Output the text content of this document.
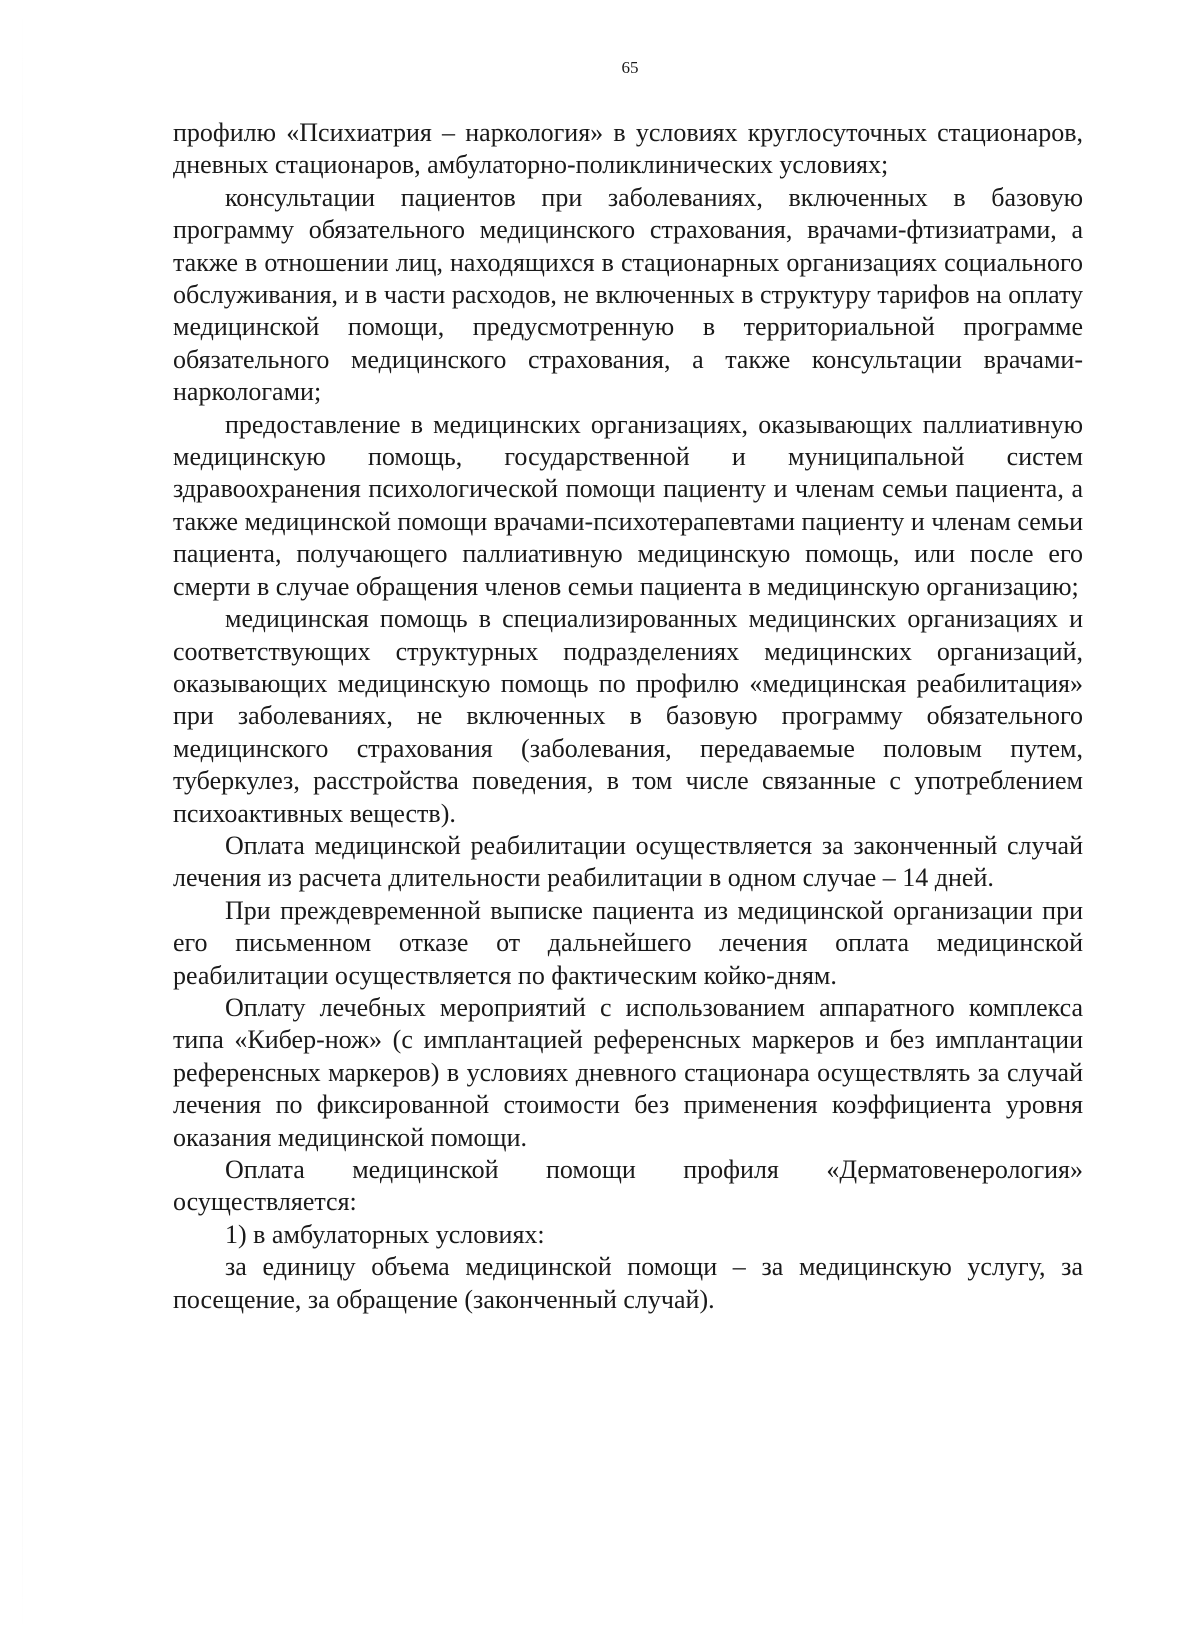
65

профилю «Психиатрия – наркология» в условиях круглосуточных стационаров, дневных стационаров, амбулаторно-поликлинических условиях;

консультации пациентов при заболеваниях, включенных в базовую программу обязательного медицинского страхования, врачами-фтизиатрами, а также в отношении лиц, находящихся в стационарных организациях социального обслуживания, и в части расходов, не включенных в структуру тарифов на оплату медицинской помощи, предусмотренную в территориальной программе обязательного медицинского страхования, а также консультации врачами-наркологами;

предоставление в медицинских организациях, оказывающих паллиативную медицинскую помощь, государственной и муниципальной систем здравоохранения психологической помощи пациенту и членам семьи пациента, а также медицинской помощи врачами-психотерапевтами пациенту и членам семьи пациента, получающего паллиативную медицинскую помощь, или после его смерти в случае обращения членов семьи пациента в медицинскую организацию;

медицинская помощь в специализированных медицинских организациях и соответствующих структурных подразделениях медицинских организаций, оказывающих медицинскую помощь по профилю «медицинская реабилитация» при заболеваниях, не включенных в базовую программу обязательного медицинского страхования (заболевания, передаваемые половым путем, туберкулез, расстройства поведения, в том числе связанные с употреблением психоактивных веществ).

Оплата медицинской реабилитации осуществляется за законченный случай лечения из расчета длительности реабилитации в одном случае – 14 дней.

При преждевременной выписке пациента из медицинской организации при его письменном отказе от дальнейшего лечения оплата медицинской реабилитации осуществляется по фактическим койко-дням.

Оплату лечебных мероприятий с использованием аппаратного комплекса типа «Кибер-нож» (с имплантацией референсных маркеров и без имплантации референсных маркеров) в условиях дневного стационара осуществлять за случай лечения по фиксированной стоимости без применения коэффициента уровня оказания медицинской помощи.

Оплата медицинской помощи профиля «Дерматовенерология» осуществляется:

1) в амбулаторных условиях:

за единицу объема медицинской помощи – за медицинскую услугу, за посещение, за обращение (законченный случай).
